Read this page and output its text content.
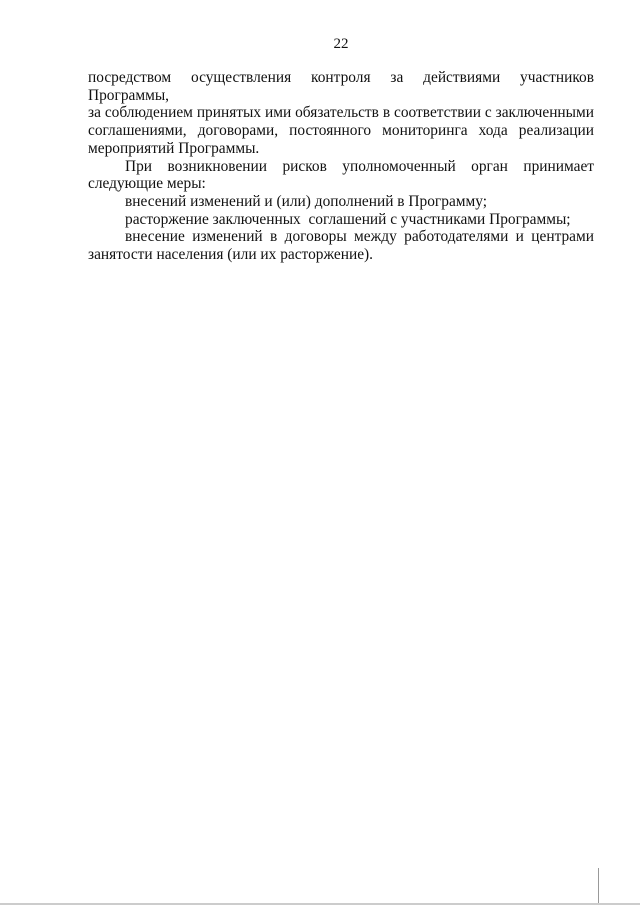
22
посредством осуществления контроля за действиями участников Программы,
за соблюдением принятых ими обязательств в соответствии с заключенными
соглашениями, договорами, постоянного мониторинга хода реализации
мероприятий Программы.
При возникновении рисков уполномоченный орган принимает
следующие меры:
внесений изменений и (или) дополнений в Программу;
расторжение заключенных  соглашений с участниками Программы;
внесение изменений в договоры между работодателями и центрами
занятости населения (или их расторжение).
